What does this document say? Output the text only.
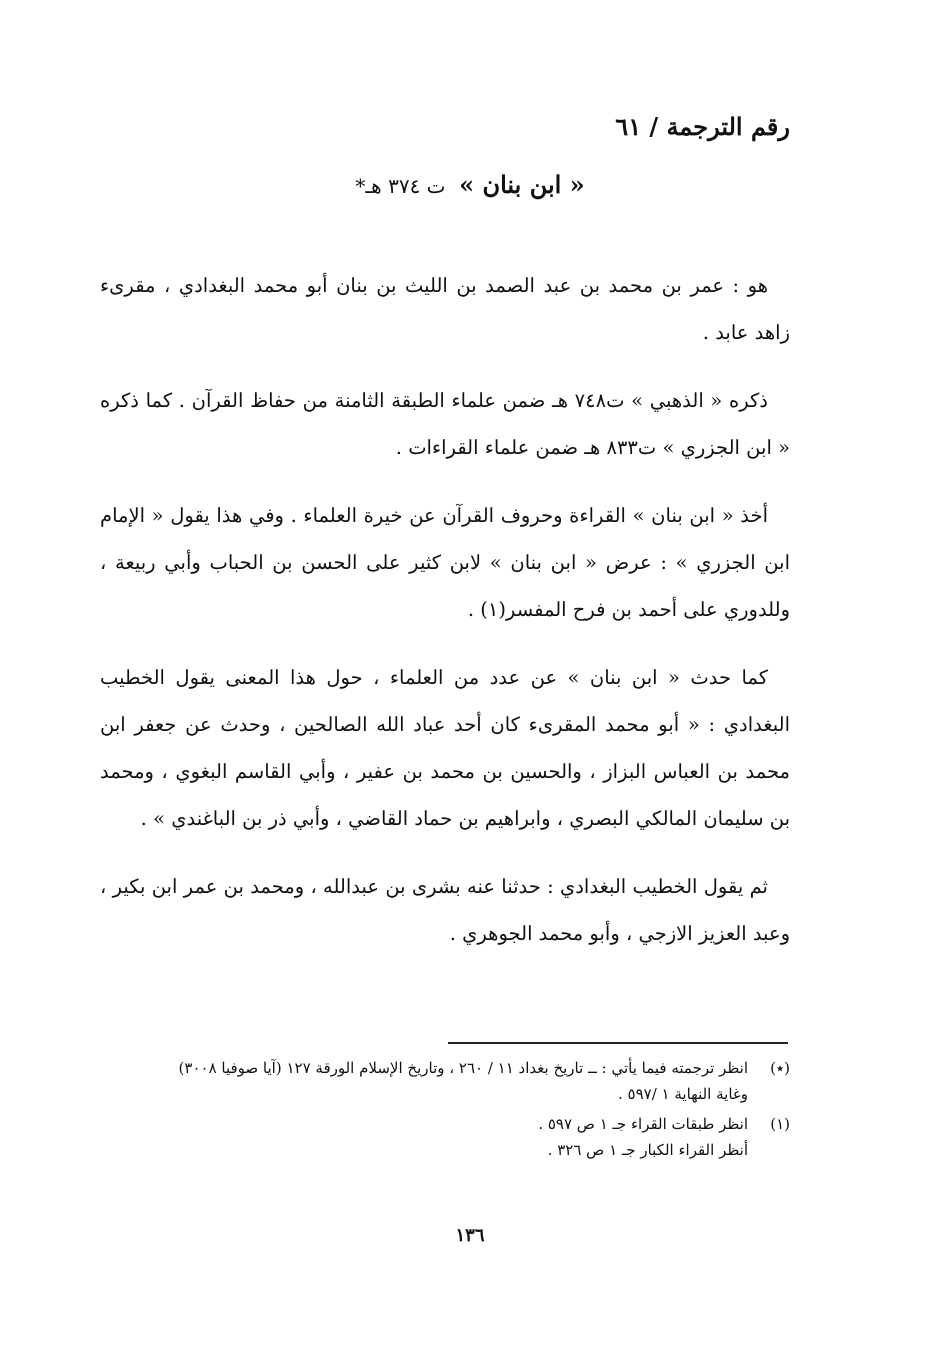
رقم الترجمة / ٦١
« ابن بنان » ت ٣٧٤ هـ*

هو : عمر بن محمد بن عبد الصمد بن الليث بن بنان أبو محمد البغدادي ، مقرىء زاهد عابد .

ذكره « الذهبي » ت٧٤٨ هـ ضمن علماء الطبقة الثامنة من حفاظ القرآن . كما ذكره « ابن الجزري » ت٨٣٣ هـ ضمن علماء القراءات .

أخذ « ابن بنان » القراءة وحروف القرآن عن خيرة العلماء . وفي هذا يقول « الإمام ابن الجزري » : عرض « ابن بنان » لابن كثير على الحسن بن الحباب وأبي ربيعة ، وللدوري على أحمد بن فرح المفسر(١) .

كما حدث « ابن بنان » عن عدد من العلماء ، حول هذا المعنى يقول الخطيب البغدادي : « أبو محمد المقرىء كان أحد عباد الله الصالحين ، وحدث عن جعفر ابن محمد بن العباس البزاز ، والحسين بن محمد بن عفير ، وأبي القاسم البغوي ، ومحمد بن سليمان المالكي البصري ، وابراهيم بن حماد القاضي ، وأبي ذر بن الباغندي » .

ثم يقول الخطيب البغدادي : حدثنا عنه بشرى بن عبدالله ، ومحمد بن عمر ابن بكير ، وعبد العزيز الازجي ، وأبو محمد الجوهري .

(٭)
انظر ترجمته فيما يأتي : ــ تاريخ بغداد ١١ / ٢٦٠ ، وتاريخ الإسلام الورقة ١٢٧ (آيا صوفيا ٣٠٠٨)
وغاية النهاية ١ /٥٩٧ .
(١)
انظر طبقات القراء جـ ١ ص ٥٩٧ .
أنظر القراء الكبار جـ ١ ص ٣٢٦ .
١٣٦
